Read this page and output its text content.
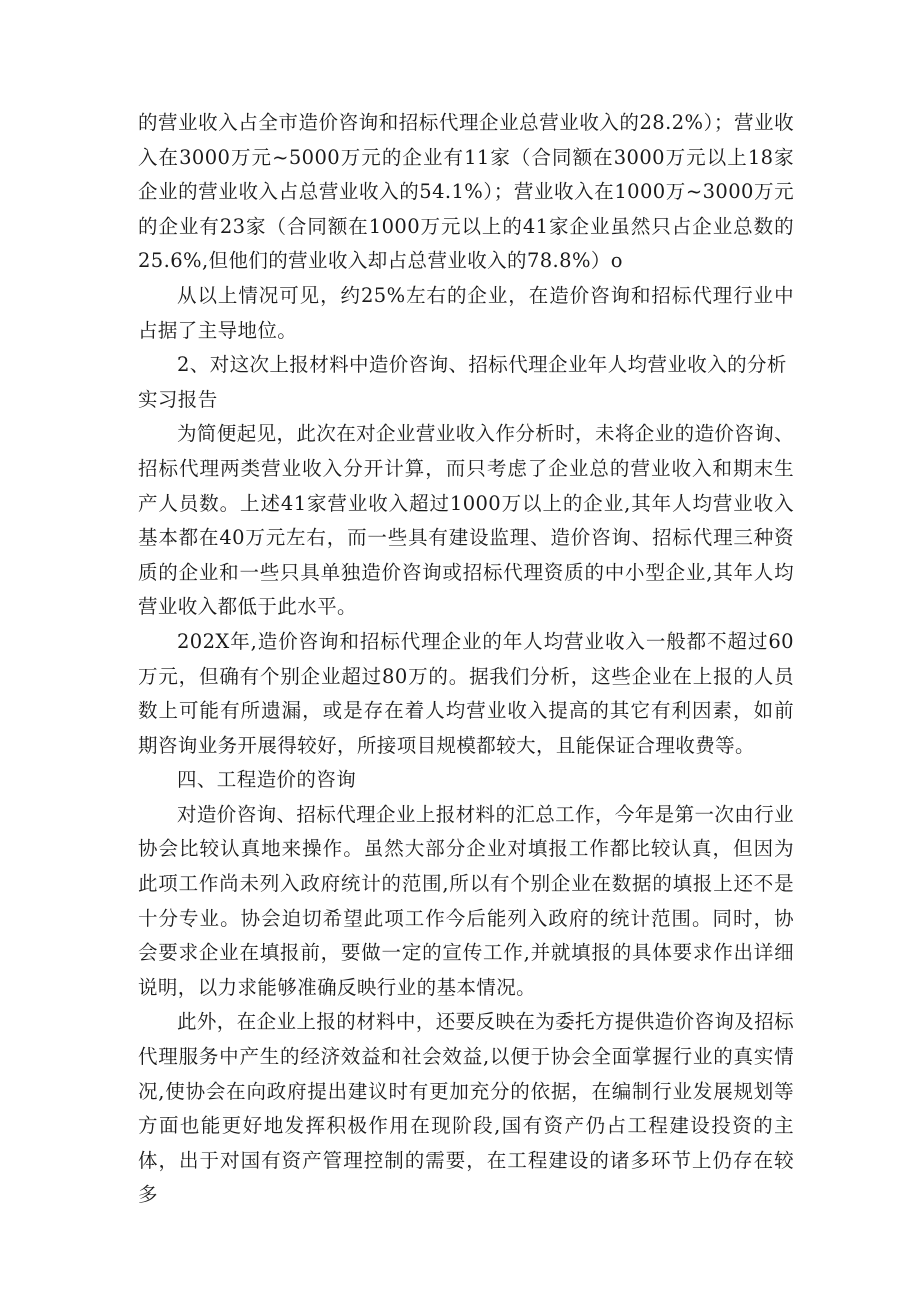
的营业收入占全市造价咨询和招标代理企业总营业收入的28.2%）；营业收入在3000万元~5000万元的企业有11家（合同额在3000万元以上18家企业的营业收入占总营业收入的54.1%）；营业收入在1000万~3000万元的企业有23家（合同额在1000万元以上的41家企业虽然只占企业总数的25.6%,但他们的营业收入却占总营业收入的78.8%）o

从以上情况可见，约25%左右的企业，在造价咨询和招标代理行业中占据了主导地位。

2、对这次上报材料中造价咨询、招标代理企业年人均营业收入的分析实习报告

为简便起见，此次在对企业营业收入作分析时，未将企业的造价咨询、招标代理两类营业收入分开计算，而只考虑了企业总的营业收入和期末生产人员数。上述41家营业收入超过1000万以上的企业,其年人均营业收入基本都在40万元左右，而一些具有建设监理、造价咨询、招标代理三种资质的企业和一些只具单独造价咨询或招标代理资质的中小型企业,其年人均营业收入都低于此水平。

202X年,造价咨询和招标代理企业的年人均营业收入一般都不超过60万元，但确有个别企业超过80万的。据我们分析，这些企业在上报的人员数上可能有所遗漏，或是存在着人均营业收入提高的其它有利因素，如前期咨询业务开展得较好，所接项目规模都较大，且能保证合理收费等。

四、工程造价的咨询

对造价咨询、招标代理企业上报材料的汇总工作，今年是第一次由行业协会比较认真地来操作。虽然大部分企业对填报工作都比较认真，但因为此项工作尚未列入政府统计的范围,所以有个别企业在数据的填报上还不是十分专业。协会迫切希望此项工作今后能列入政府的统计范围。同时，协会要求企业在填报前，要做一定的宣传工作,并就填报的具体要求作出详细说明，以力求能够准确反映行业的基本情况。

此外，在企业上报的材料中，还要反映在为委托方提供造价咨询及招标代理服务中产生的经济效益和社会效益,以便于协会全面掌握行业的真实情况,使协会在向政府提出建议时有更加充分的依据，在编制行业发展规划等方面也能更好地发挥积极作用在现阶段,国有资产仍占工程建设投资的主体，出于对国有资产管理控制的需要，在工程建设的诸多环节上仍存在较多
